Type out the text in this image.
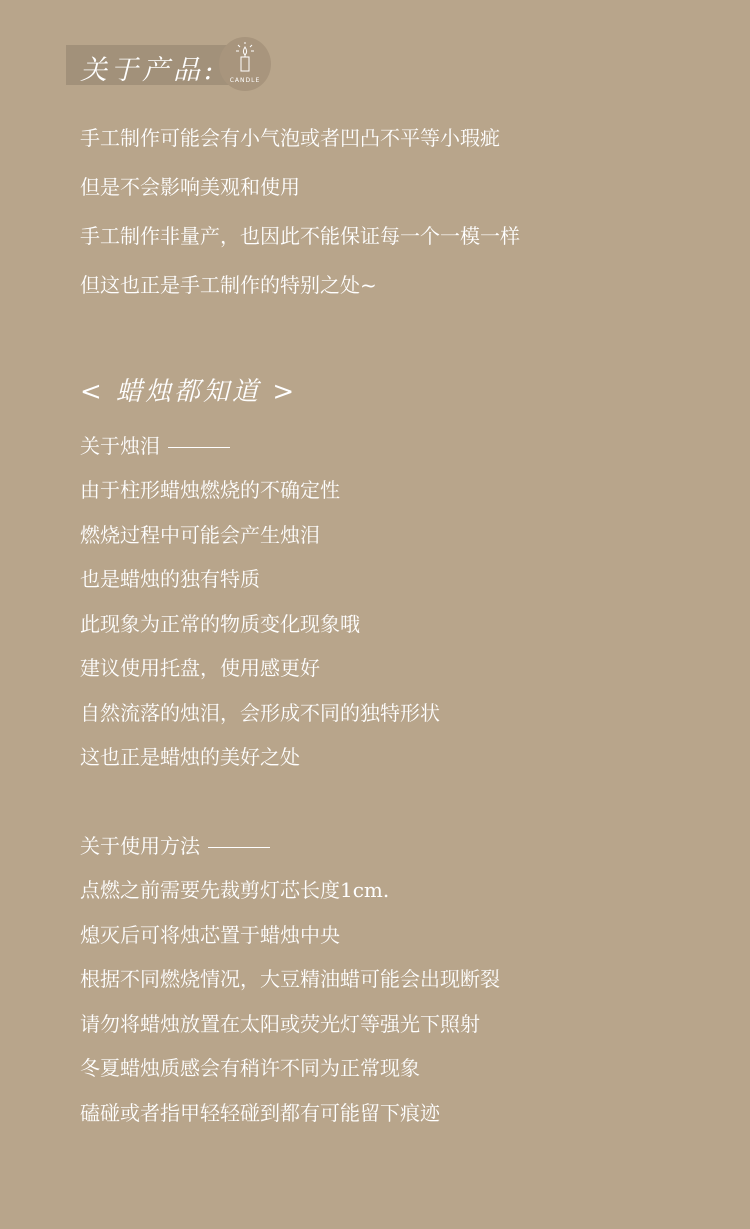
关于产品:	CANDLE
手工制作可能会有小气泡或者凹凸不平等小瑕疵
但是不会影响美观和使用
手工制作非量产，也因此不能保证每一个一模一样
但这也正是手工制作的特别之处~
< 蜡烛都知道 >
关于烛泪
由于柱形蜡烛燃烧的不确定性
燃烧过程中可能会产生烛泪
也是蜡烛的独有特质
此现象为正常的物质变化现象哦
建议使用托盘，使用感更好
自然流落的烛泪，会形成不同的独特形状
这也正是蜡烛的美好之处
关于使用方法
点燃之前需要先裁剪灯芯长度1cm.
熄灭后可将烛芯置于蜡烛中央
根据不同燃烧情况，大豆精油蜡可能会出现断裂
请勿将蜡烛放置在太阳或荧光灯等强光下照射
冬夏蜡烛质感会有稍许不同为正常现象
磕碰或者指甲轻轻碰到都有可能留下痕迹
